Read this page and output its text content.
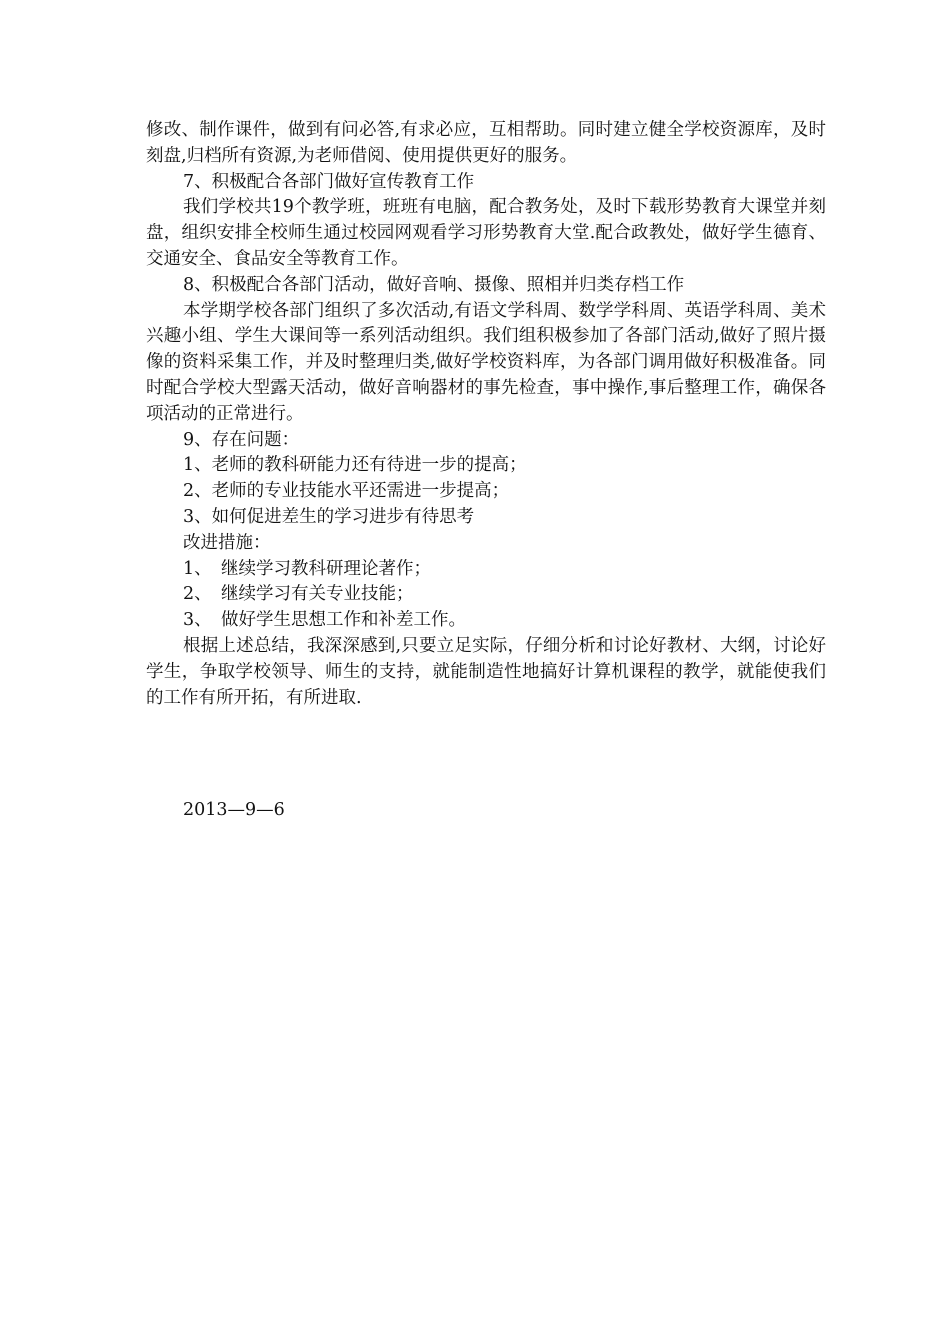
修改、制作课件，做到有问必答,有求必应，互相帮助。同时建立健全学校资源库，及时刻盘,归档所有资源,为老师借阅、使用提供更好的服务。

7、积极配合各部门做好宣传教育工作

我们学校共19个教学班，班班有电脑，配合教务处，及时下载形势教育大课堂并刻盘，组织安排全校师生通过校园网观看学习形势教育大堂.配合政教处，做好学生德育、交通安全、食品安全等教育工作。

8、积极配合各部门活动，做好音响、摄像、照相并归类存档工作

本学期学校各部门组织了多次活动,有语文学科周、数学学科周、英语学科周、美术兴趣小组、学生大课间等一系列活动组织。我们组积极参加了各部门活动,做好了照片摄像的资料采集工作，并及时整理归类,做好学校资料库，为各部门调用做好积极准备。同时配合学校大型露天活动，做好音响器材的事先检查，事中操作,事后整理工作，确保各项活动的正常进行。

9、存在问题：

1、老师的教科研能力还有待进一步的提高；

2、老师的专业技能水平还需进一步提高；

3、如何促进差生的学习进步有待思考

改进措施：

1、 继续学习教科研理论著作；

2、 继续学习有关专业技能；

3、 做好学生思想工作和补差工作。

根据上述总结，我深深感到,只要立足实际，仔细分析和讨论好教材、大纲，讨论好学生，争取学校领导、师生的支持，就能制造性地搞好计算机课程的教学，就能使我们的工作有所开拓，有所进取.

2013—9—6
